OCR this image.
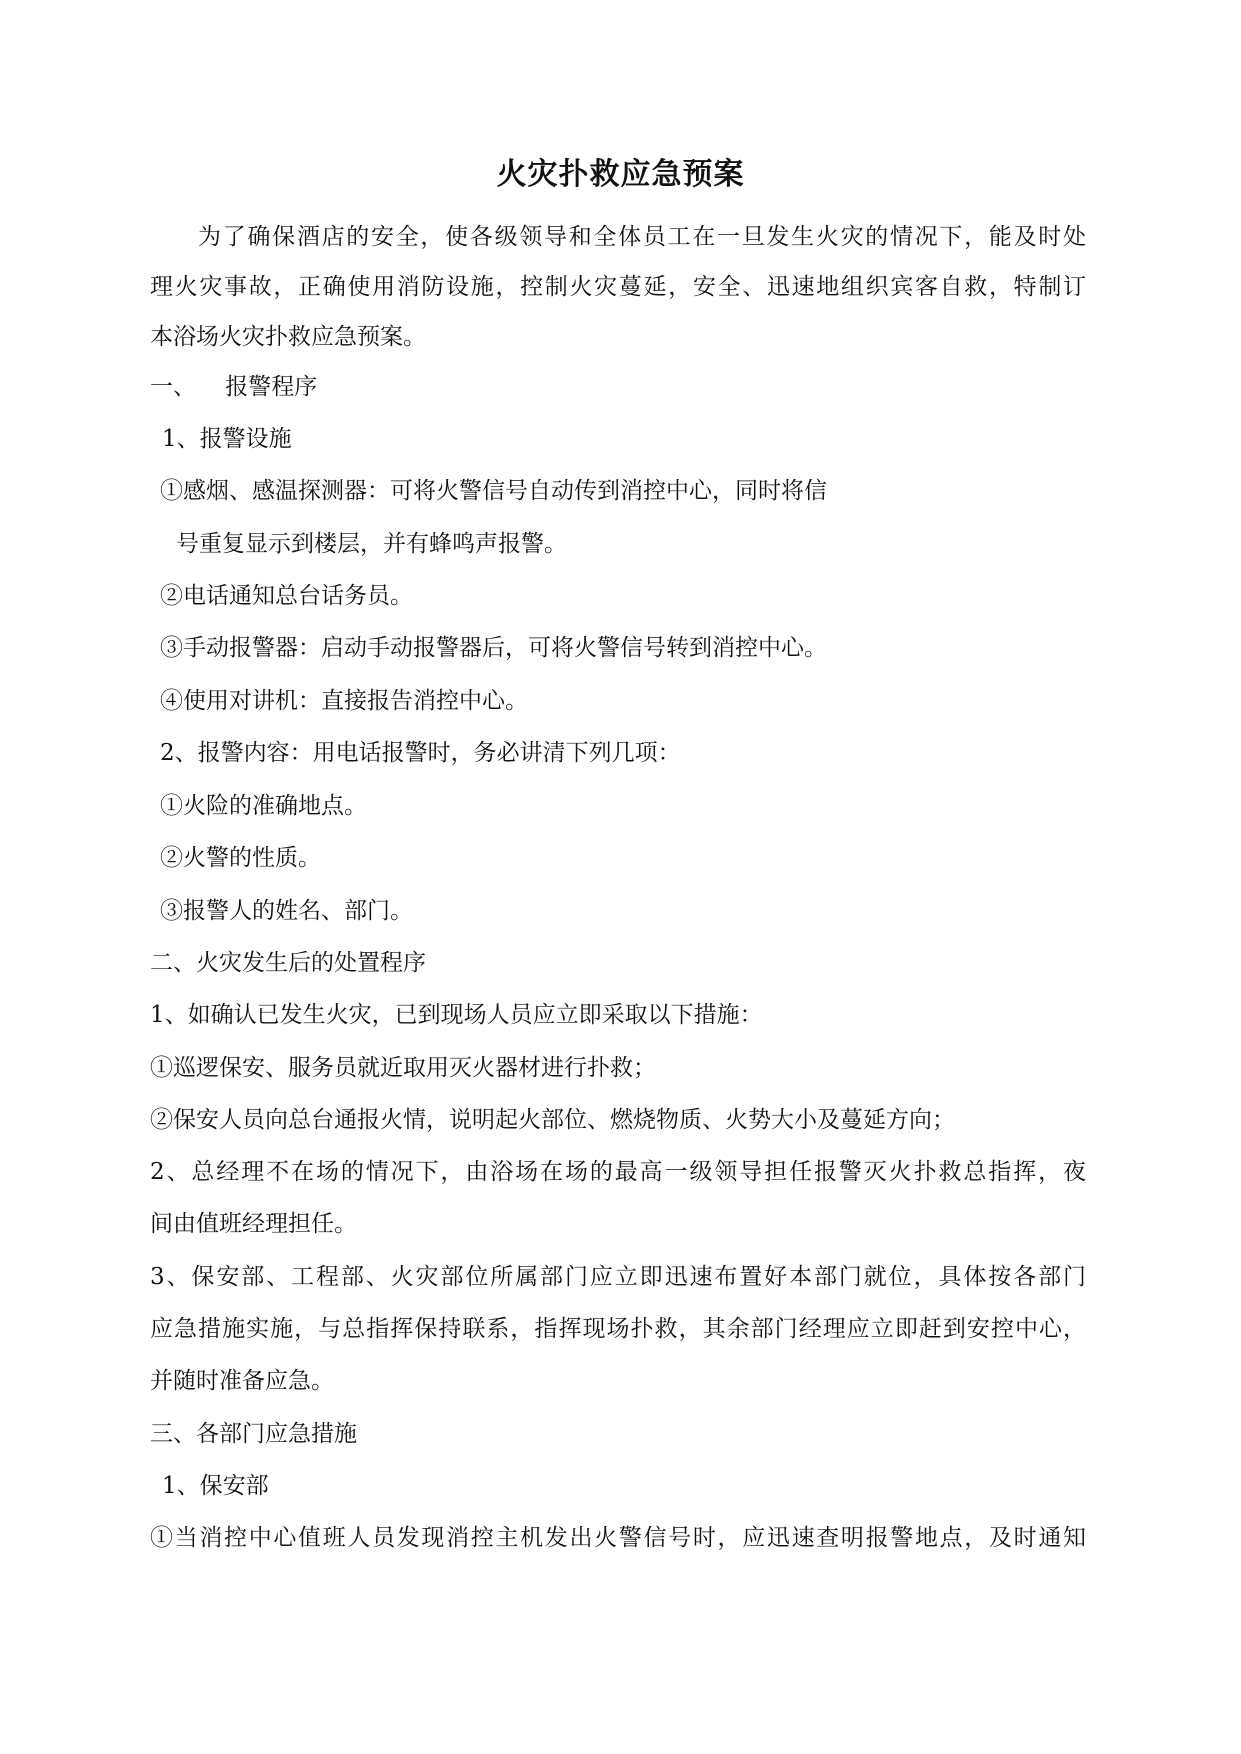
火灾扑救应急预案

为了确保酒店的安全，使各级领导和全体员工在一旦发生火灾的情况下，能及时处

理火灾事故，正确使用消防设施，控制火灾蔓延，安全、迅速地组织宾客自救，特制订

本浴场火灾扑救应急预案。

一、    报警程序

1、报警设施

①感烟、感温探测器：可将火警信号自动传到消控中心，同时将信

号重复显示到楼层，并有蜂鸣声报警。

②电话通知总台话务员。

③手动报警器：启动手动报警器后，可将火警信号转到消控中心。

④使用对讲机：直接报告消控中心。

2、报警内容：用电话报警时，务必讲清下列几项：

①火险的准确地点。

②火警的性质。

③报警人的姓名、部门。

二、火灾发生后的处置程序

1、如确认已发生火灾，已到现场人员应立即采取以下措施：

①巡逻保安、服务员就近取用灭火器材进行扑救；

②保安人员向总台通报火情，说明起火部位、燃烧物质、火势大小及蔓延方向；

2、总经理不在场的情况下，由浴场在场的最高一级领导担任报警灭火扑救总指挥，夜

间由值班经理担任。

3、保安部、工程部、火灾部位所属部门应立即迅速布置好本部门就位，具体按各部门

应急措施实施，与总指挥保持联系，指挥现场扑救，其余部门经理应立即赶到安控中心，

并随时准备应急。

三、各部门应急措施

1、保安部

①当消控中心值班人员发现消控主机发出火警信号时，应迅速查明报警地点，及时通知
